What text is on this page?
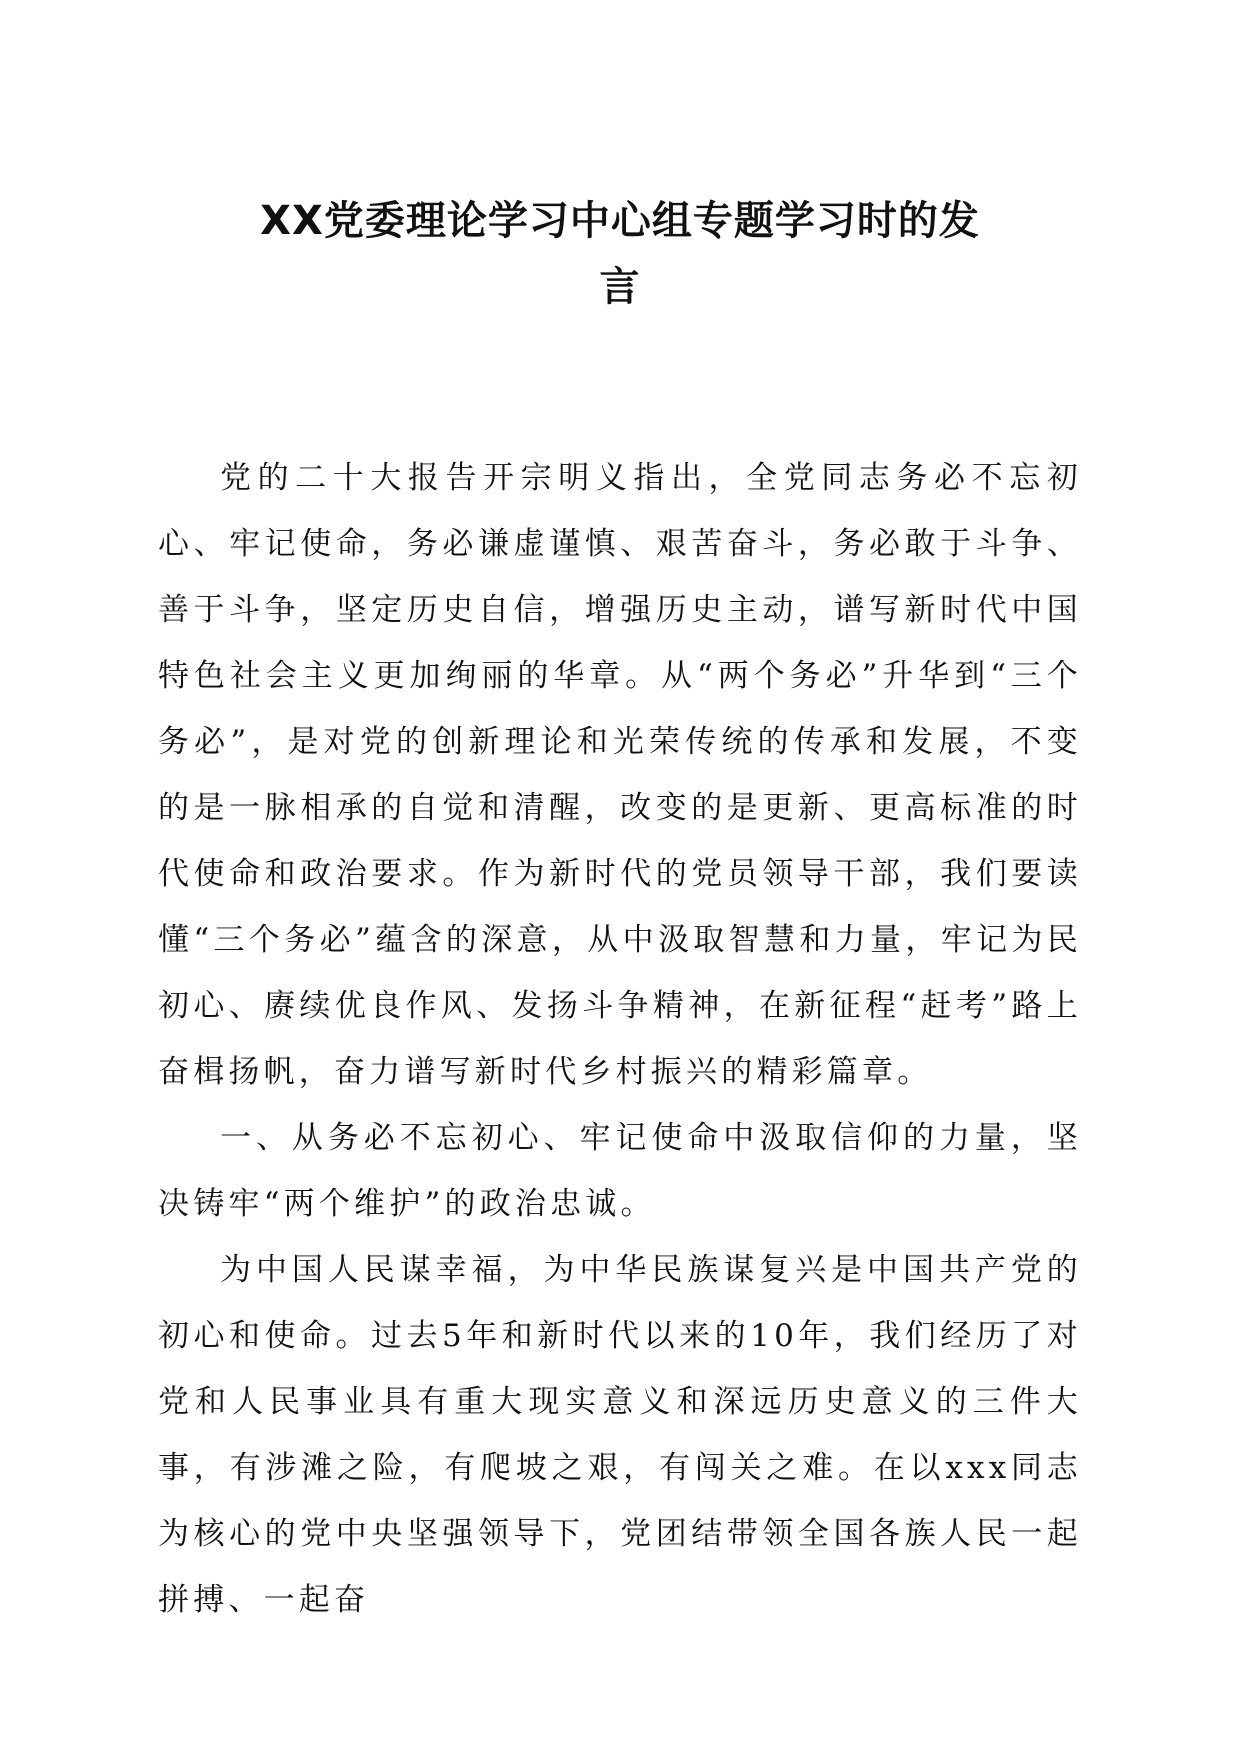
XX党委理论学习中心组专题学习时的发
言

党的二十大报告开宗明义指出，全党同志务必不忘初心、牢记使命，务必谦虚谨慎、艰苦奋斗，务必敢于斗争、善于斗争，坚定历史自信，增强历史主动，谱写新时代中国特色社会主义更加绚丽的华章。从“两个务必”升华到“三个务必”，是对党的创新理论和光荣传统的传承和发展，不变的是一脉相承的自觉和清醒，改变的是更新、更高标准的时代使命和政治要求。作为新时代的党员领导干部，我们要读懂“三个务必”蕴含的深意，从中汲取智慧和力量，牢记为民初心、赓续优良作风、发扬斗争精神，在新征程“赶考”路上奋楫扬帆，奋力谱写新时代乡村振兴的精彩篇章。

一、从务必不忘初心、牢记使命中汲取信仰的力量，坚决铸牢“两个维护”的政治忠诚。

为中国人民谋幸福，为中华民族谋复兴是中国共产党的初心和使命。过去5年和新时代以来的10年，我们经历了对党和人民事业具有重大现实意义和深远历史意义的三件大事，有涉滩之险，有爬坡之艰，有闯关之难。在以xxx同志为核心的党中央坚强领导下，党团结带领全国各族人民一起拼搏、一起奋
